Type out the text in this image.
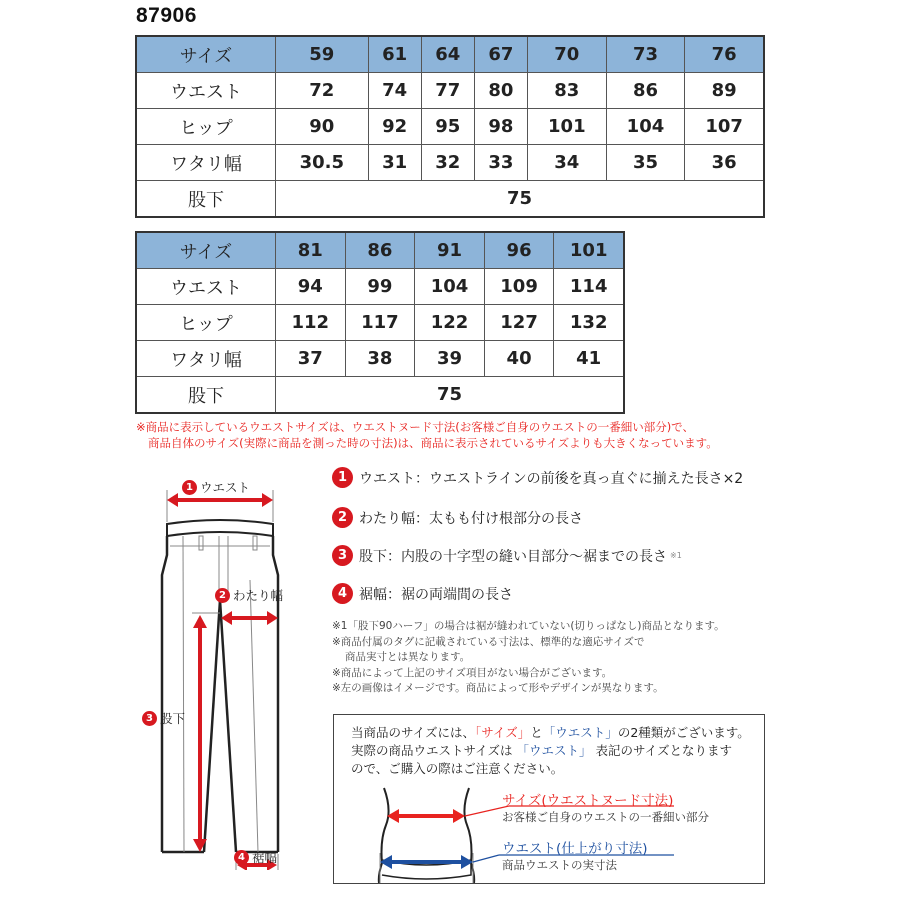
87906
サイズ	59	61	64	67	70	73	76
ウエスト	72	74	77	80	83	86	89
ヒップ	90	92	95	98	101	104	107
ワタリ幅	30.5	31	32	33	34	35	36
股下	75						
サイズ	81	86	91	96	101
ウエスト	94	99	104	109	114
ヒップ	112	117	122	127	132
ワタリ幅	37	38	39	40	41
股下	75				
※商品に表示しているウエストサイズは、ウエストヌード寸法(お客様ご自身のウエストの一番細い部分)で、
商品自体のサイズ(実際に商品を測った時の寸法)は、商品に表示されているサイズよりも大きくなっています。
1 ウエスト
2 わたり幅
3 股下
4 裾幅
1 ウエスト：ウエストラインの前後を真っ直ぐに揃えた長さ×2
2 わたり幅：太もも付け根部分の長さ
3 股下：内股の十字型の縫い目部分～裾までの長さ ※1
4 裾幅：裾の両端間の長さ
※1「股下90ハーフ」の場合は裾が縫われていない(切りっぱなし)商品となります。
※商品付属のタグに記載されている寸法は、標準的な適応サイズで
商品実寸とは異なります。
※商品によって上記のサイズ項目がない場合がございます。
※左の画像はイメージです。商品によって形やデザインが異なります。
当商品のサイズには、「サイズ」と「ウエスト」の2種類がございます。
実際の商品ウエストサイズは 「ウエスト」 表記のサイズとなります
ので、ご購入の際はご注意ください。
サイズ(ウエストヌード寸法)
お客様ご自身のウエストの一番細い部分
ウエスト(仕上がり寸法)
商品ウエストの実寸法
